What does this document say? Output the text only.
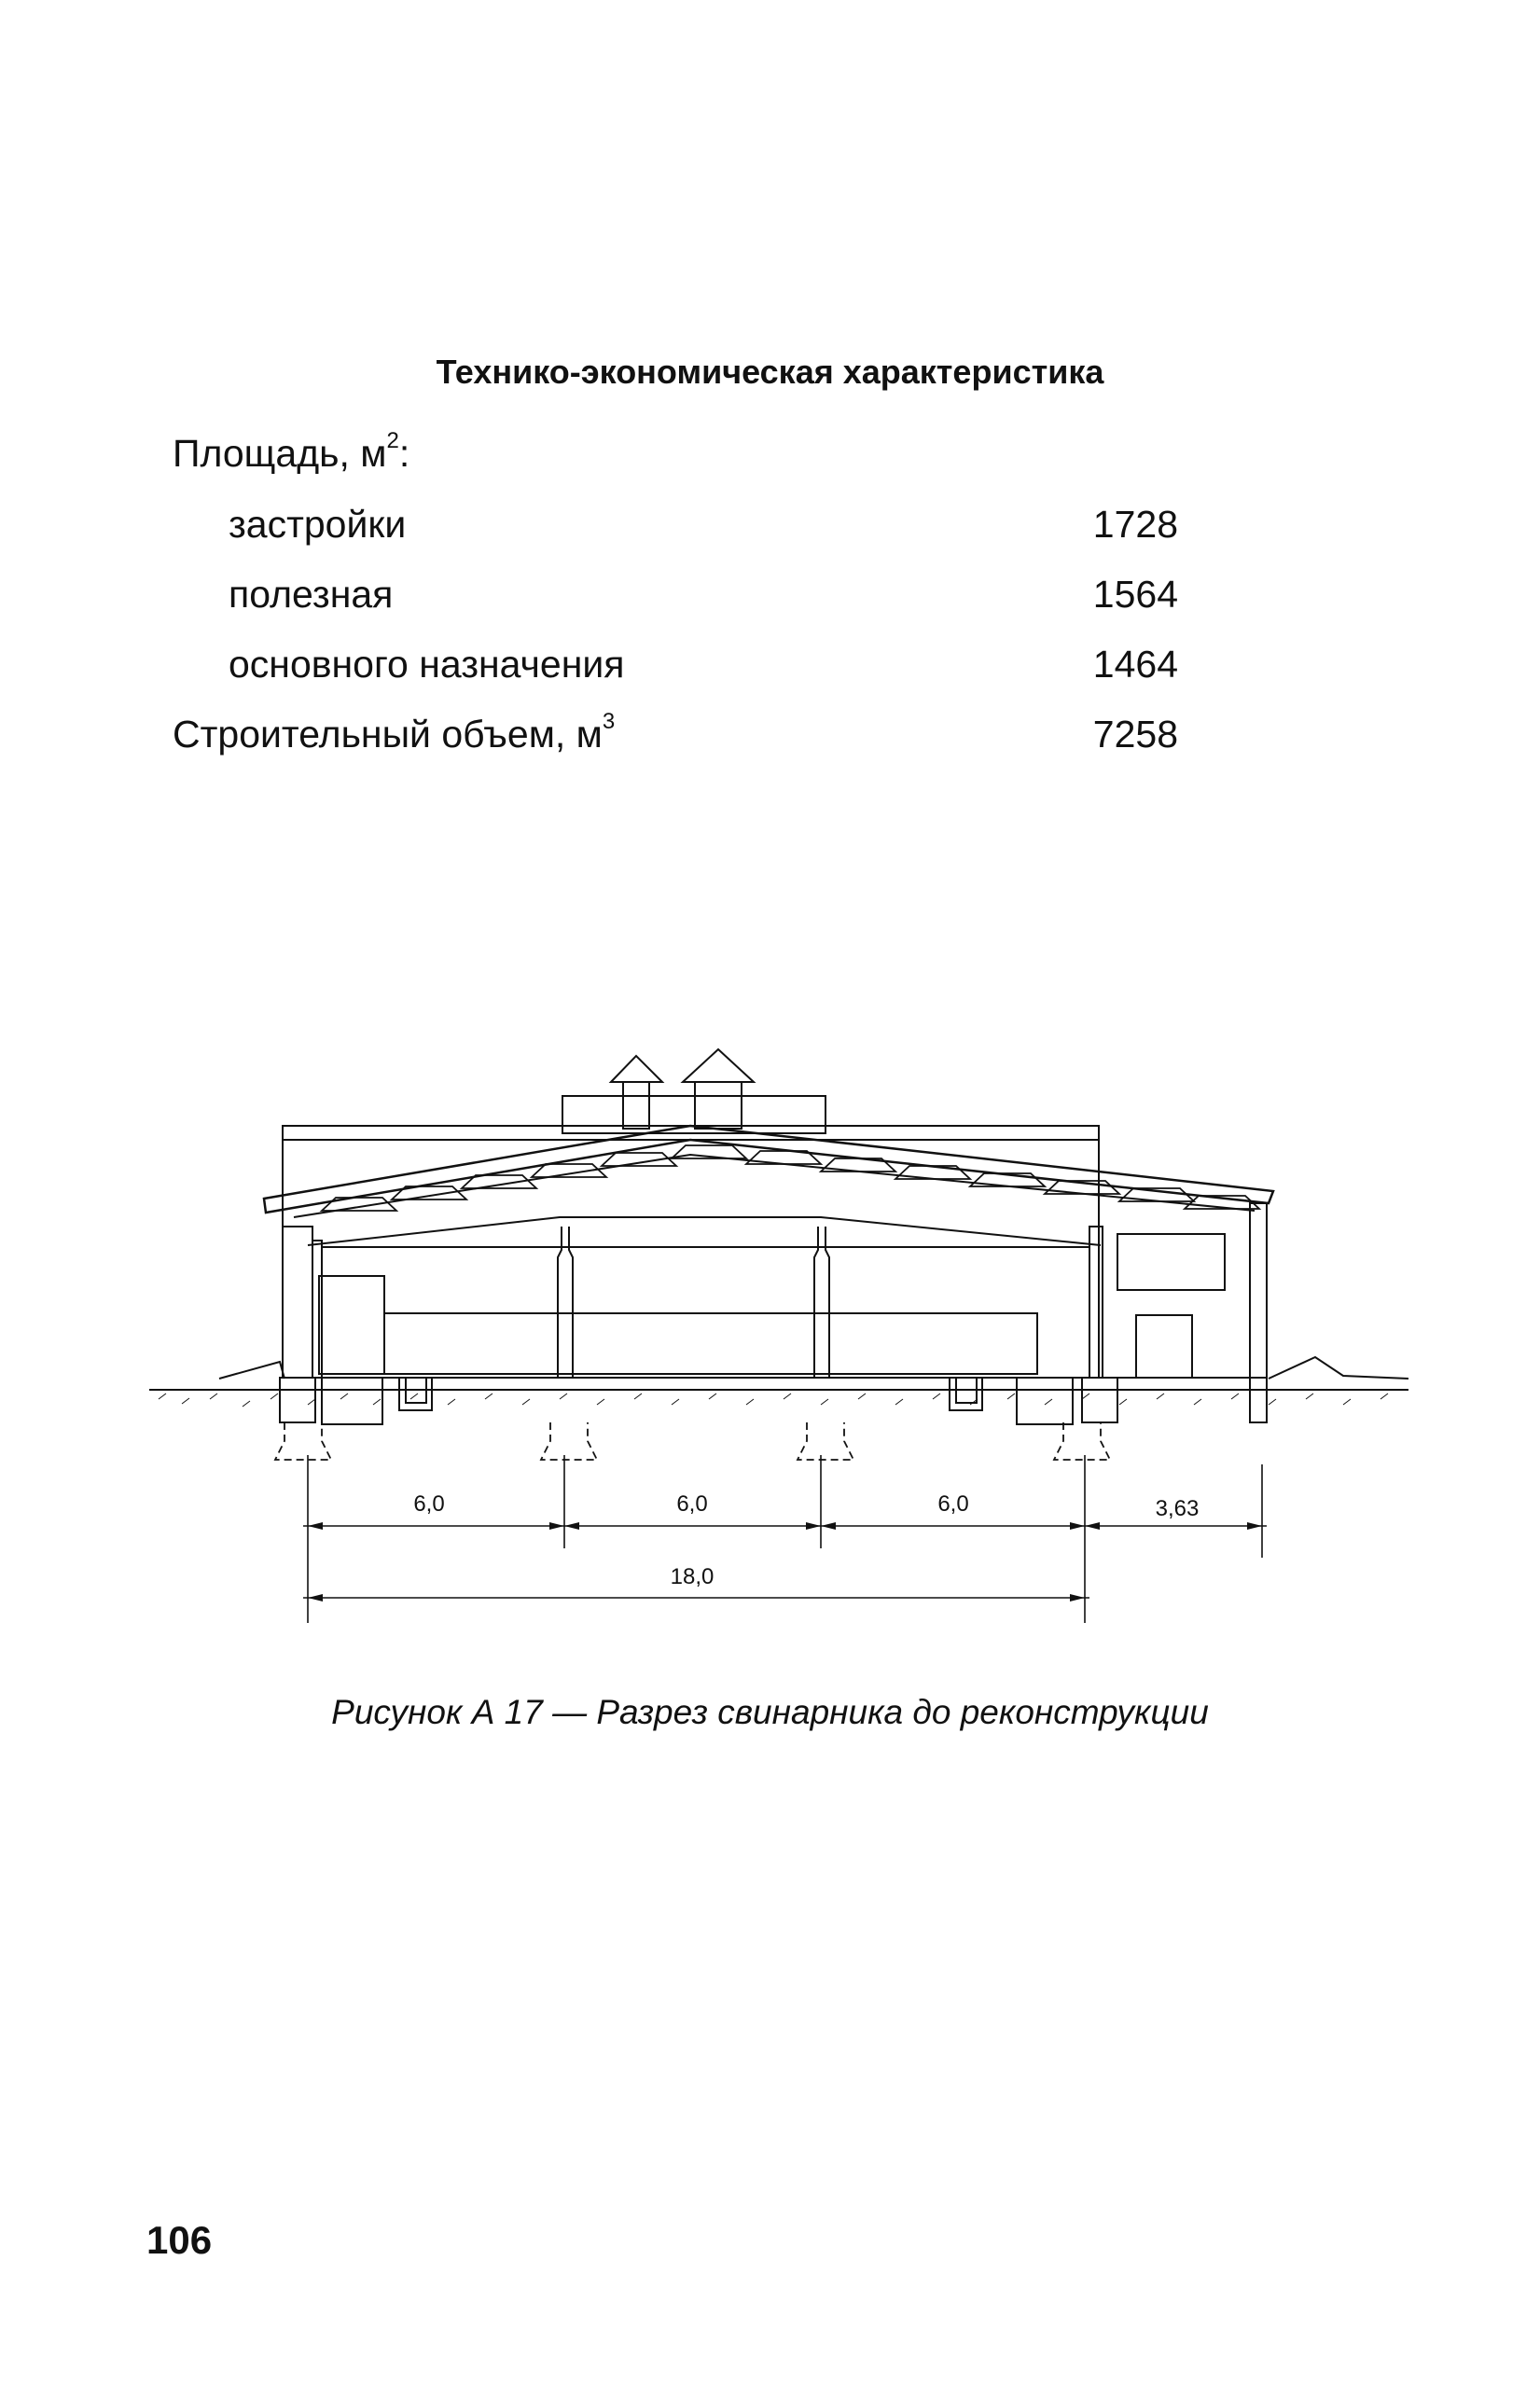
Технико-экономическая характеристика
Площадь, $м^2$:
застройки	1728
полезная	1564
основного назначения	1464
Строительный объем, $м^3$	7258
6,0	6,0	6,0	3,63
18,0
Рисунок А 17 — Разрез свинарника до реконструкции
106
